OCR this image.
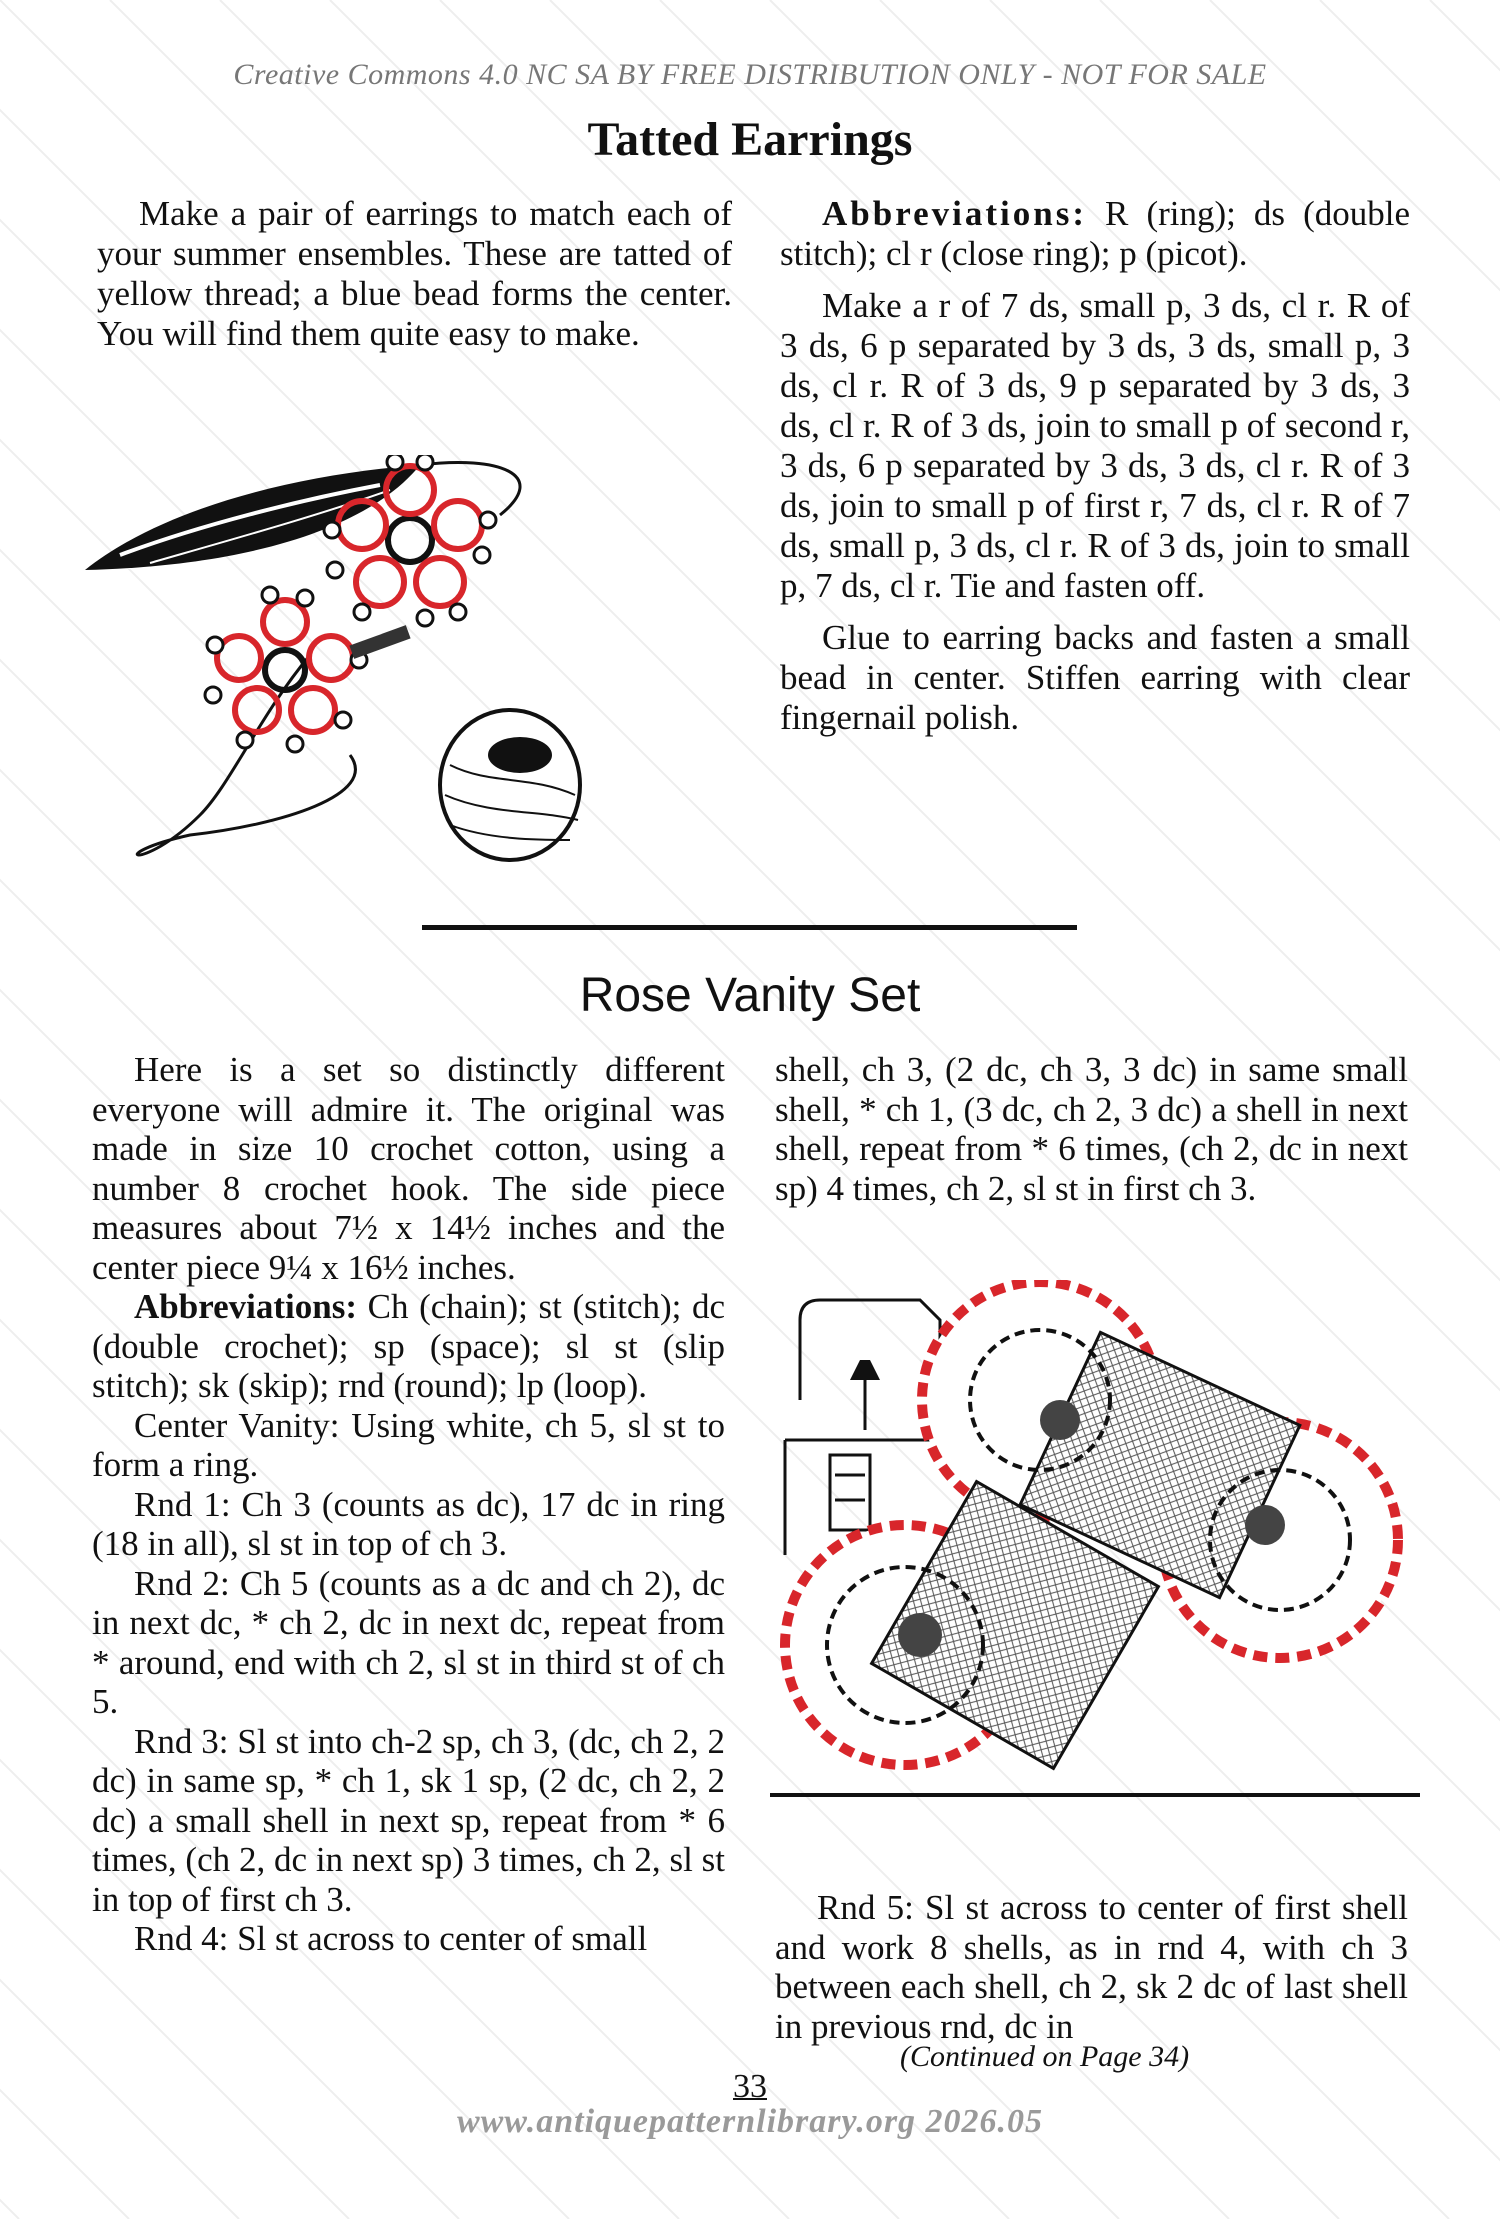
Creative Commons 4.0 NC SA BY FREE DISTRIBUTION ONLY - NOT FOR SALE
Tatted Earrings

Make a pair of earrings to match each of your summer ensembles. These are tatted of yellow thread; a blue bead forms the center. You will find them quite easy to make.

Abbreviations: R (ring); ds (double stitch); cl r (close ring); p (picot).

Make a r of 7 ds, small p, 3 ds, cl r. R of 3 ds, 6 p separated by 3 ds, 3 ds, small p, 3 ds, cl r. R of 3 ds, 9 p separated by 3 ds, 3 ds, cl r. R of 3 ds, join to small p of second r, 3 ds, 6 p separated by 3 ds, 3 ds, cl r. R of 3 ds, join to small p of first r, 7 ds, cl r. R of 7 ds, small p, 3 ds, cl r. R of 3 ds, join to small p, 7 ds, cl r. Tie and fasten off.

Glue to earring backs and fasten a small bead in center. Stiffen earring with clear fingernail polish.

Rose Vanity Set

Here is a set so distinctly different everyone will admire it. The original was made in size 10 crochet cotton, using a number 8 crochet hook. The side piece measures about 7½ x 14½ inches and the center piece 9¼ x 16½ inches.

Abbreviations: Ch (chain); st (stitch); dc (double crochet); sp (space); sl st (slip stitch); sk (skip); rnd (round); lp (loop).

Center Vanity: Using white, ch 5, sl st to form a ring.

Rnd 1: Ch 3 (counts as dc), 17 dc in ring (18 in all), sl st in top of ch 3.

Rnd 2: Ch 5 (counts as a dc and ch 2), dc in next dc, * ch 2, dc in next dc, repeat from * around, end with ch 2, sl st in third st of ch 5.

Rnd 3: Sl st into ch-2 sp, ch 3, (dc, ch 2, 2 dc) in same sp, * ch 1, sk 1 sp, (2 dc, ch 2, 2 dc) a small shell in next sp, repeat from * 6 times, (ch 2, dc in next sp) 3 times, ch 2, sl st in top of first ch 3.

Rnd 4: Sl st across to center of small

shell, ch 3, (2 dc, ch 3, 3 dc) in same small shell, * ch 1, (3 dc, ch 2, 3 dc) a shell in next shell, repeat from * 6 times, (ch 2, dc in next sp) 4 times, ch 2, sl st in first ch 3.

Rnd 5: Sl st across to center of first shell and work 8 shells, as in rnd 4, with ch 3 between each shell, ch 2, sk 2 dc of last shell in previous rnd, dc in

(Continued on Page 34)
33
www.antiquepatternlibrary.org 2026.05
